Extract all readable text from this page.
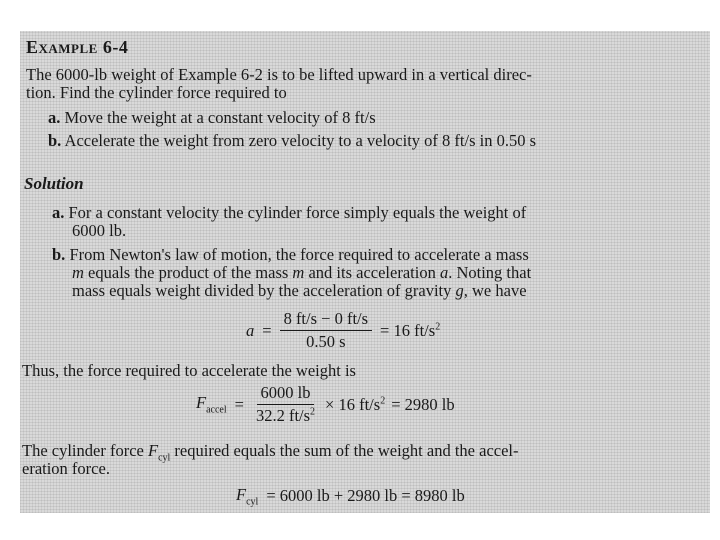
Example 6-4
The 6000-lb weight of Example 6-2 is to be lifted upward in a vertical direc-
tion. Find the cylinder force required to
a. Move the weight at a constant velocity of 8 ft/s
b. Accelerate the weight from zero velocity to a velocity of 8 ft/s in 0.50 s
Solution
a. For a constant velocity the cylinder force simply equals the weight of
6000 lb.
b. From Newton's law of motion, the force required to accelerate a mass
m equals the product of the mass m and its acceleration a. Noting that
mass equals weight divided by the acceleration of gravity g, we have
$a = \frac{8 ft/s - 0 ft/s}{0.50 s} = 16$ $ft/s^2$
Thus, the force required to accelerate the weight is
$F_{accel} = \frac{6000 lb}{32.2 ft/s^2} \times 16$ $ft/s^2 = 2980$ lb
The cylinder force $F_{cyl}$ required equals the sum of the weight and the accel-
eration force.
$F_{cyl} = 6000$ lb + 2980 lb = 8980 lb
